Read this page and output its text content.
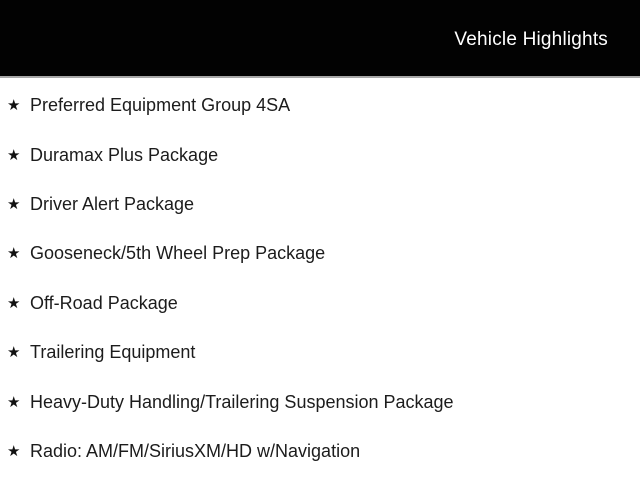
Vehicle Highlights
★ Preferred Equipment Group 4SA
★ Duramax Plus Package
★ Driver Alert Package
★ Gooseneck/5th Wheel Prep Package
★ Off-Road Package
★ Trailering Equipment
★ Heavy-Duty Handling/Trailering Suspension Package
★ Radio: AM/FM/SiriusXM/HD w/Navigation
